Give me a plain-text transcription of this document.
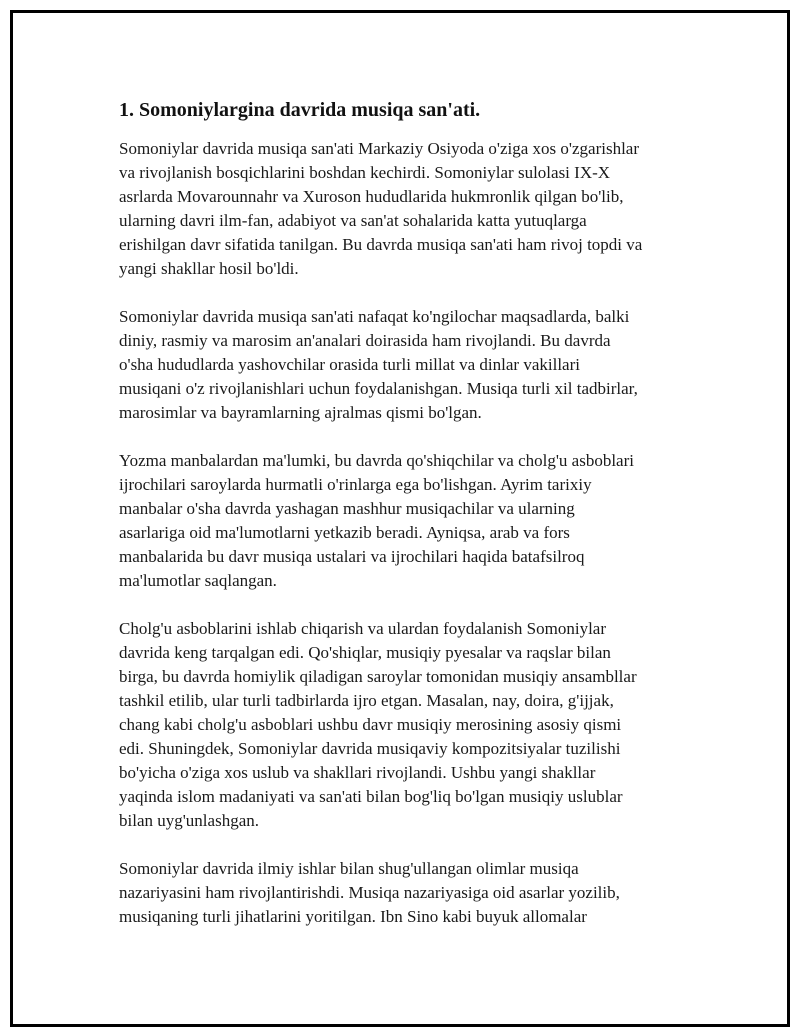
1. Somoniylargina davrida musiqa san'ati.

Somoniylar davrida musiqa san'ati Markaziy Osiyoda o'ziga xos o'zgarishlar
va rivojlanish bosqichlarini boshdan kechirdi. Somoniylar sulolasi IX-X
asrlarda Movarounnahr va Xuroson hududlarida hukmronlik qilgan bo'lib,
ularning davri ilm-fan, adabiyot va san'at sohalarida katta yutuqlarga
erishilgan davr sifatida tanilgan. Bu davrda musiqa san'ati ham rivoj topdi va
yangi shakllar hosil bo'ldi.

Somoniylar davrida musiqa san'ati nafaqat ko'ngilochar maqsadlarda, balki
diniy, rasmiy va marosim an'analari doirasida ham rivojlandi. Bu davrda
o'sha hududlarda yashovchilar orasida turli millat va dinlar vakillari
musiqani o'z rivojlanishlari uchun foydalanishgan. Musiqa turli xil tadbirlar,
marosimlar va bayramlarning ajralmas qismi bo'lgan.

Yozma manbalardan ma'lumki, bu davrda qo'shiqchilar va cholg'u asboblari
ijrochilari saroylarda hurmatli o'rinlarga ega bo'lishgan. Ayrim tarixiy
manbalar o'sha davrda yashagan mashhur musiqachilar va ularning
asarlariga oid ma'lumotlarni yetkazib beradi. Ayniqsa, arab va fors
manbalarida bu davr musiqa ustalari va ijrochilari haqida batafsilroq
ma'lumotlar saqlangan.

Cholg'u asboblarini ishlab chiqarish va ulardan foydalanish Somoniylar
davrida keng tarqalgan edi. Qo'shiqlar, musiqiy pyesalar va raqslar bilan
birga, bu davrda homiylik qiladigan saroylar tomonidan musiqiy ansambllar
tashkil etilib, ular turli tadbirlarda ijro etgan. Masalan, nay, doira, g'ijjak,
chang kabi cholg'u asboblari ushbu davr musiqiy merosining asosiy qismi
edi. Shuningdek, Somoniylar davrida musiqaviy kompozitsiyalar tuzilishi
bo'yicha o'ziga xos uslub va shakllari rivojlandi. Ushbu yangi shakllar
yaqinda islom madaniyati va san'ati bilan bog'liq bo'lgan musiqiy uslublar
bilan uyg'unlashgan.

Somoniylar davrida ilmiy ishlar bilan shug'ullangan olimlar musiqa
nazariyasini ham rivojlantirishdi. Musiqa nazariyasiga oid asarlar yozilib,
musiqaning turli jihatlarini yoritilgan. Ibn Sino kabi buyuk allomalar
